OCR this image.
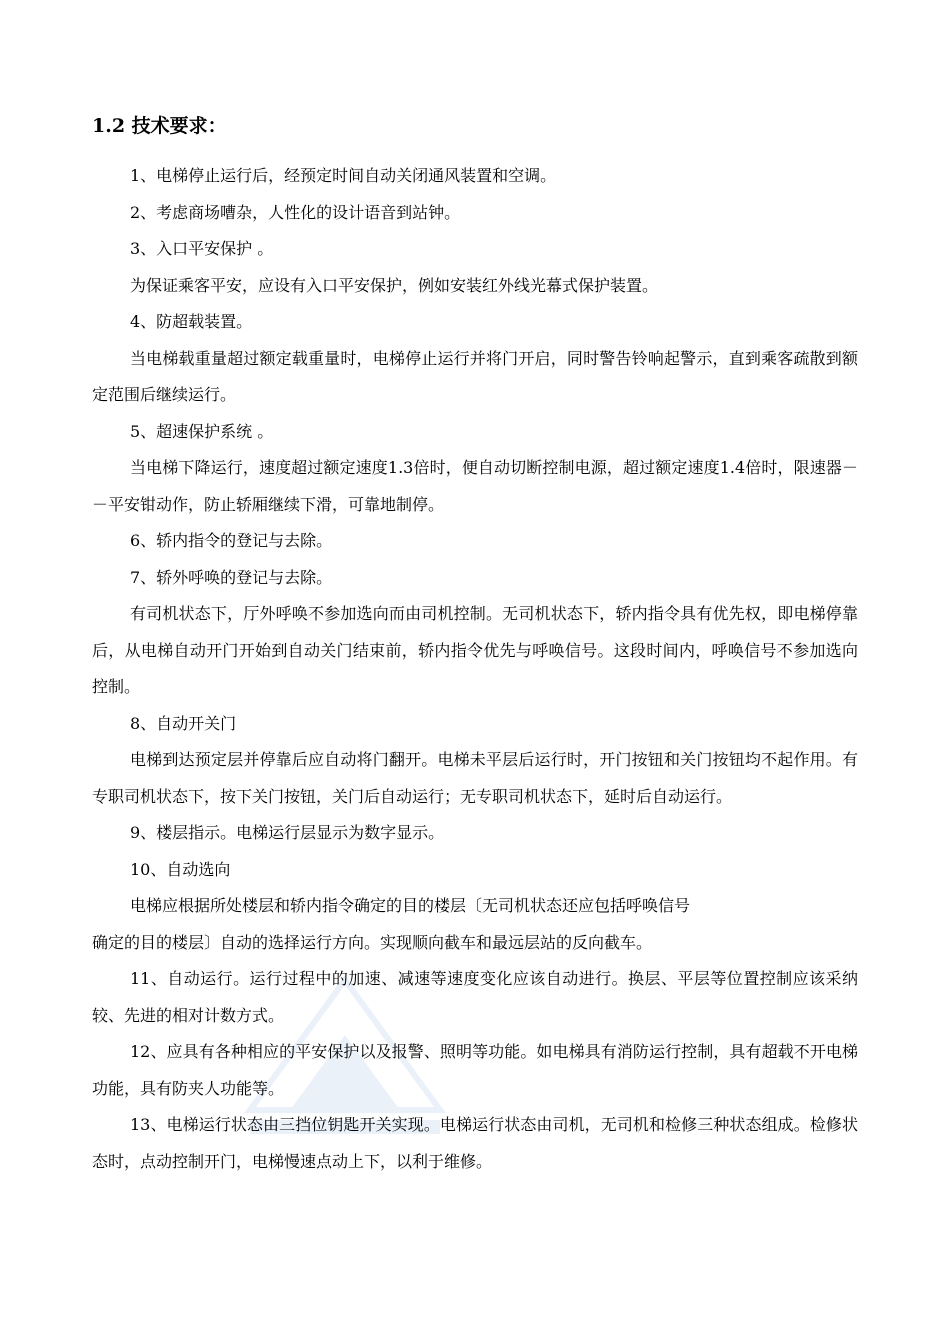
1.2 技术要求：

1、电梯停止运行后，经预定时间自动关闭通风装置和空调。

2、考虑商场嘈杂，人性化的设计语音到站钟。

3、入口平安保护 。

为保证乘客平安，应设有入口平安保护，例如安装红外线光幕式保护装置。

4、防超载装置。

当电梯载重量超过额定载重量时，电梯停止运行并将门开启，同时警告铃响起警示，直到乘客疏散到额定范围后继续运行。

5、超速保护系统 。

当电梯下降运行，速度超过额定速度1.3倍时，便自动切断控制电源，超过额定速度1.4倍时，限速器－－平安钳动作，防止轿厢继续下滑，可靠地制停。

6、轿内指令的登记与去除。

7、轿外呼唤的登记与去除。

有司机状态下，厅外呼唤不参加选向而由司机控制。无司机状态下，轿内指令具有优先权，即电梯停靠后，从电梯自动开门开始到自动关门结束前，轿内指令优先与呼唤信号。这段时间内，呼唤信号不参加选向控制。

8、自动开关门

电梯到达预定层并停靠后应自动将门翻开。电梯未平层后运行时，开门按钮和关门按钮均不起作用。有专职司机状态下，按下关门按钮，关门后自动运行；无专职司机状态下，延时后自动运行。

9、楼层指示。电梯运行层显示为数字显示。

10、自动选向

电梯应根据所处楼层和轿内指令确定的目的楼层〔无司机状态还应包括呼唤信号

确定的目的楼层〕自动的选择运行方向。实现顺向截车和最远层站的反向截车。

11、自动运行。运行过程中的加速、减速等速度变化应该自动进行。换层、平层等位置控制应该采纳较、先进的相对计数方式。

12、应具有各种相应的平安保护以及报警、照明等功能。如电梯具有消防运行控制，具有超载不开电梯功能，具有防夹人功能等。

13、电梯运行状态由三挡位钥匙开关实现。电梯运行状态由司机，无司机和检修三种状态组成。检修状态时，点动控制开门，电梯慢速点动上下，以利于维修。
